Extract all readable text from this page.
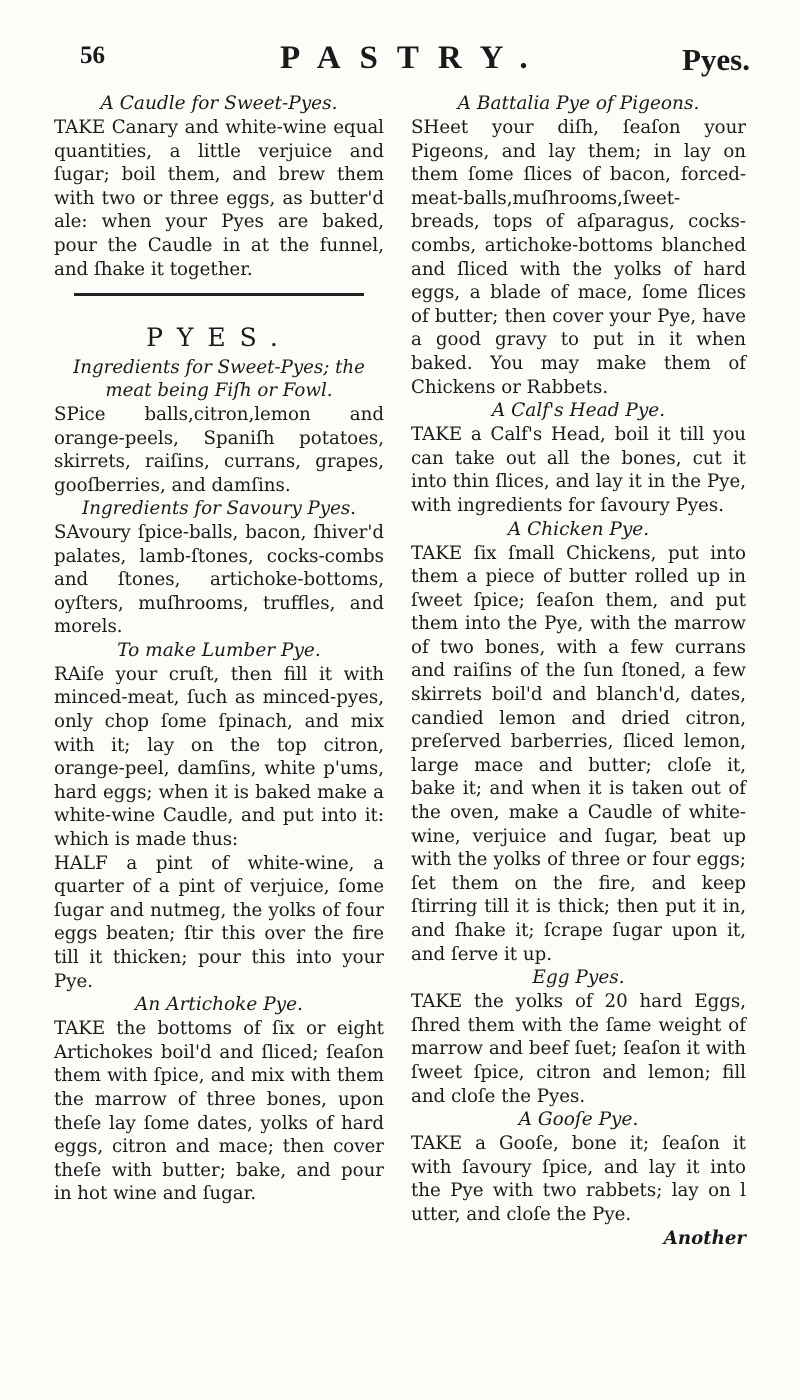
56	PASTRY.	Pyes.

A Caudle for Sweet-Pyes.

TAKE Canary and white-wine equal quantities, a little verjuice and ſugar; boil them, and brew them with two or three eggs, as butter'd ale: when your Pyes are baked, pour the Caudle in at the funnel, and ſhake it together.

PYES.

Ingredients for Sweet-Pyes; the meat being Fiſh or Fowl.

SPice balls,citron,lemon and orange-peels, Spaniſh potatoes, skirrets, raiſins, currans, grapes, gooſberries, and damſins.

Ingredients for Savoury Pyes.

SAvoury ſpice-balls, bacon, ſhiver'd palates, lamb-ſtones, cocks-combs and ſtones, artichoke-bottoms, oyſters, muſhrooms, truffles, and morels.

To make Lumber Pye.

RAiſe your cruſt, then fill it with minced-meat, ſuch as minced-pyes, only chop ſome ſpinach, and mix with it; lay on the top citron, orange-peel, damſins, white p'ums, hard eggs; when it is baked make a white-wine Caudle, and put into it: which is made thus:

HALF a pint of white-wine, a quarter of a pint of verjuice, ſome ſugar and nutmeg, the yolks of four eggs beaten; ſtir this over the fire till it thicken; pour this into your Pye.

An Artichoke Pye.

TAKE the bottoms of ſix or eight Artichokes boil'd and ſliced; ſeaſon them with ſpice, and mix with them the marrow of three bones, upon theſe lay ſome dates, yolks of hard eggs, citron and mace; then cover theſe with butter; bake, and pour in hot wine and ſugar.

A Battalia Pye of Pigeons.

SHeet your diſh, ſeaſon your Pigeons, and lay them; in lay on them ſome ſlices of bacon, forced-meat-balls,muſhrooms,ſweet-breads, tops of aſparagus, cocks-combs, artichoke-bottoms blanched and ſliced with the yolks of hard eggs, a blade of mace, ſome ſlices of butter; then cover your Pye, have a good gravy to put in it when baked. You may make them of Chickens or Rabbets.

A Calf's Head Pye.

TAKE a Calf's Head, boil it till you can take out all the bones, cut it into thin ſlices, and lay it in the Pye, with ingredients for ſavoury Pyes.

A Chicken Pye.

TAKE ſix ſmall Chickens, put into them a piece of butter rolled up in ſweet ſpice; ſeaſon them, and put them into the Pye, with the marrow of two bones, with a few currans and raiſins of the ſun ſtoned, a few skirrets boil'd and blanch'd, dates, candied lemon and dried citron, preſerved barberries, ſliced lemon, large mace and butter; cloſe it, bake it; and when it is taken out of the oven, make a Caudle of white-wine, verjuice and ſugar, beat up with the yolks of three or four eggs; ſet them on the fire, and keep ſtirring till it is thick; then put it in, and ſhake it; ſcrape ſugar upon it, and ſerve it up.

Egg Pyes.

TAKE the yolks of 20 hard Eggs, ſhred them with the ſame weight of marrow and beef ſuet; ſeaſon it with ſweet ſpice, citron and lemon; fill and cloſe the Pyes.

A Gooſe Pye.

TAKE a Gooſe, bone it; ſeaſon it with ſavoury ſpice, and lay it into the Pye with two rabbets; lay on l utter, and cloſe the Pye.

Another
